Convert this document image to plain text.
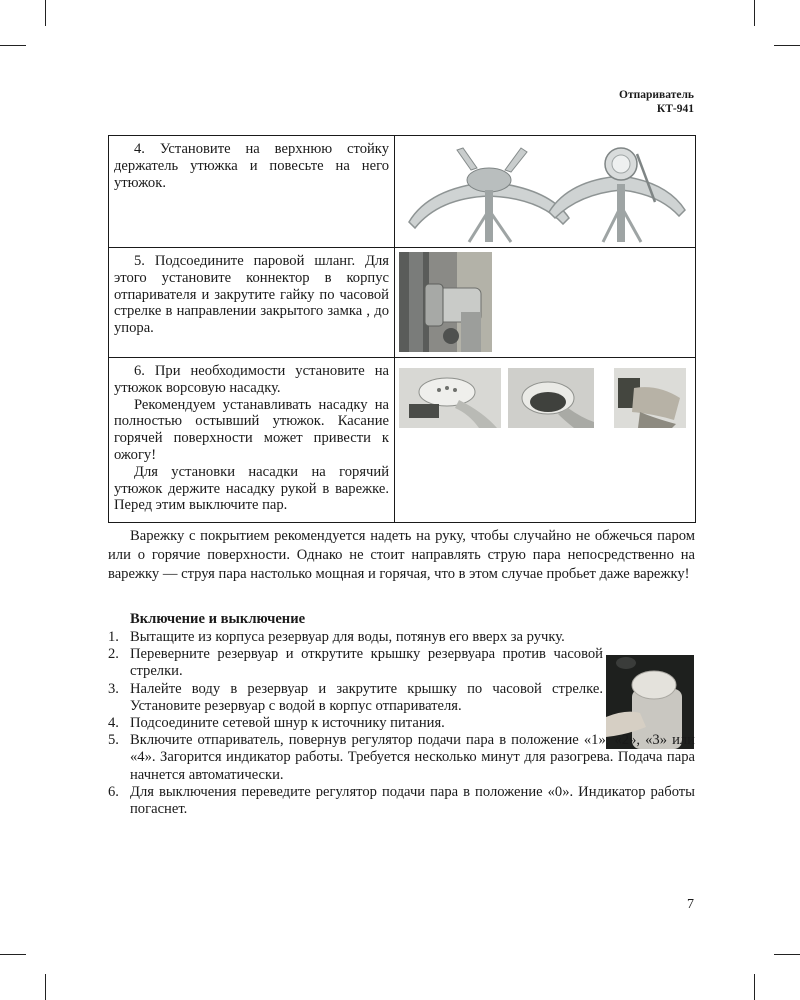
Отпариватель
КТ-941

4. Установите на верхнюю стойку держатель утюжка и повесьте на него утюжок.

5. Подсоедините паровой шланг. Для этого установите коннектор в корпус отпаривателя и закрутите гайку по часовой стрелке в направлении закрытого замка , до упора.

6. При необходимости установите на утюжок ворсовую насадку.

Рекомендуем устанавливать насадку на полностью остывший утюжок. Касание горячей поверхности может привести к ожогу!

Для установки насадки на горячий утюжок держите насадку рукой в варежке. Перед этим выключите пар.

Варежку с покрытием рекомендуется надеть на руку, чтобы случайно не обжечься паром или о горячие поверхности. Однако не стоит направлять струю пара непосредственно на варежку — струя пара настолько мощная и горячая, что в этом случае пробьет даже варежку!

Включение и выключение
1. Вытащите из корпуса резервуар для воды, потянув его вверх за ручку.
2. Переверните резервуар и открутите крышку резервуара против часовой стрелки.
3. Налейте воду в резервуар и закрутите крышку по часовой стрелке. Установите резервуар с водой в корпус отпаривателя.
4. Подсоедините сетевой шнур к источнику питания.
5. Включите отпариватель, повернув регулятор подачи пара в положение «1», «2», «3» или «4». Загорится индикатор работы. Требуется несколько минут для разогрева. Подача пара начнется автоматически.
6. Для выключения переведите регулятор подачи пара в положение «0». Индикатор работы погаснет.
7
